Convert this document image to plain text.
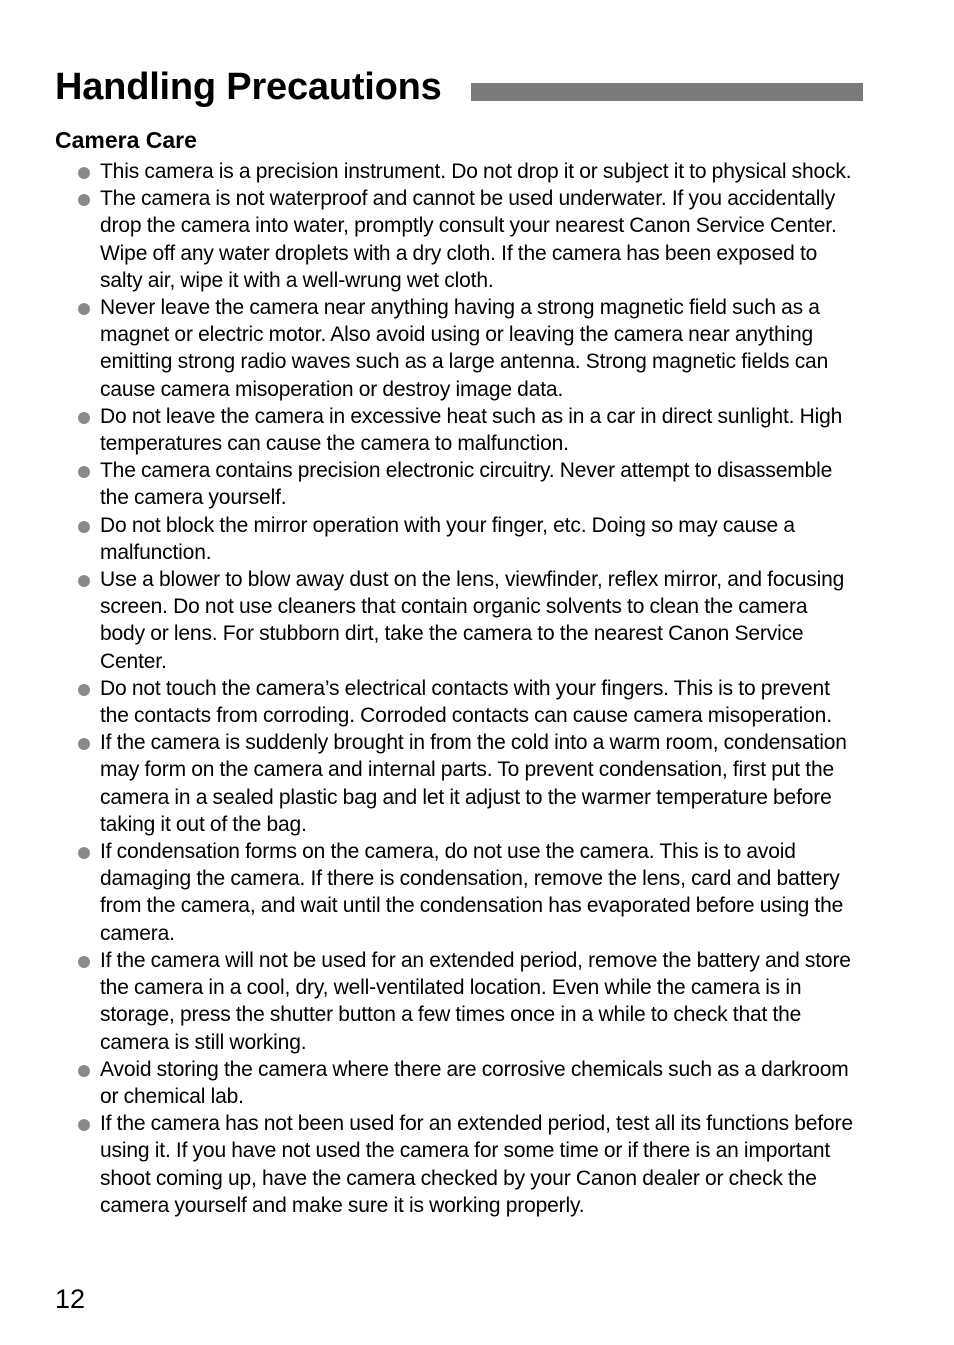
Handling Precautions
Camera Care
This camera is a precision instrument. Do not drop it or subject it to physical shock.
The camera is not waterproof and cannot be used underwater. If you accidentally drop the camera into water, promptly consult your nearest Canon Service Center. Wipe off any water droplets with a dry cloth. If the camera has been exposed to salty air, wipe it with a well-wrung wet cloth.
Never leave the camera near anything having a strong magnetic field such as a magnet or electric motor. Also avoid using or leaving the camera near anything emitting strong radio waves such as a large antenna. Strong magnetic fields can cause camera misoperation or destroy image data.
Do not leave the camera in excessive heat such as in a car in direct sunlight. High temperatures can cause the camera to malfunction.
The camera contains precision electronic circuitry. Never attempt to disassemble the camera yourself.
Do not block the mirror operation with your finger, etc. Doing so may cause a malfunction.
Use a blower to blow away dust on the lens, viewfinder, reflex mirror, and focusing screen. Do not use cleaners that contain organic solvents to clean the camera body or lens. For stubborn dirt, take the camera to the nearest Canon Service Center.
Do not touch the camera’s electrical contacts with your fingers. This is to prevent the contacts from corroding. Corroded contacts can cause camera misoperation.
If the camera is suddenly brought in from the cold into a warm room, condensation may form on the camera and internal parts. To prevent condensation, first put the camera in a sealed plastic bag and let it adjust to the warmer temperature before taking it out of the bag.
If condensation forms on the camera, do not use the camera. This is to avoid damaging the camera. If there is condensation, remove the lens, card and battery from the camera, and wait until the condensation has evaporated before using the camera.
If the camera will not be used for an extended period, remove the battery and store the camera in a cool, dry, well-ventilated location. Even while the camera is in storage, press the shutter button a few times once in a while to check that the camera is still working.
Avoid storing the camera where there are corrosive chemicals such as a darkroom or chemical lab.
If the camera has not been used for an extended period, test all its functions before using it. If you have not used the camera for some time or if there is an important shoot coming up, have the camera checked by your Canon dealer or check the camera yourself and make sure it is working properly.
12
